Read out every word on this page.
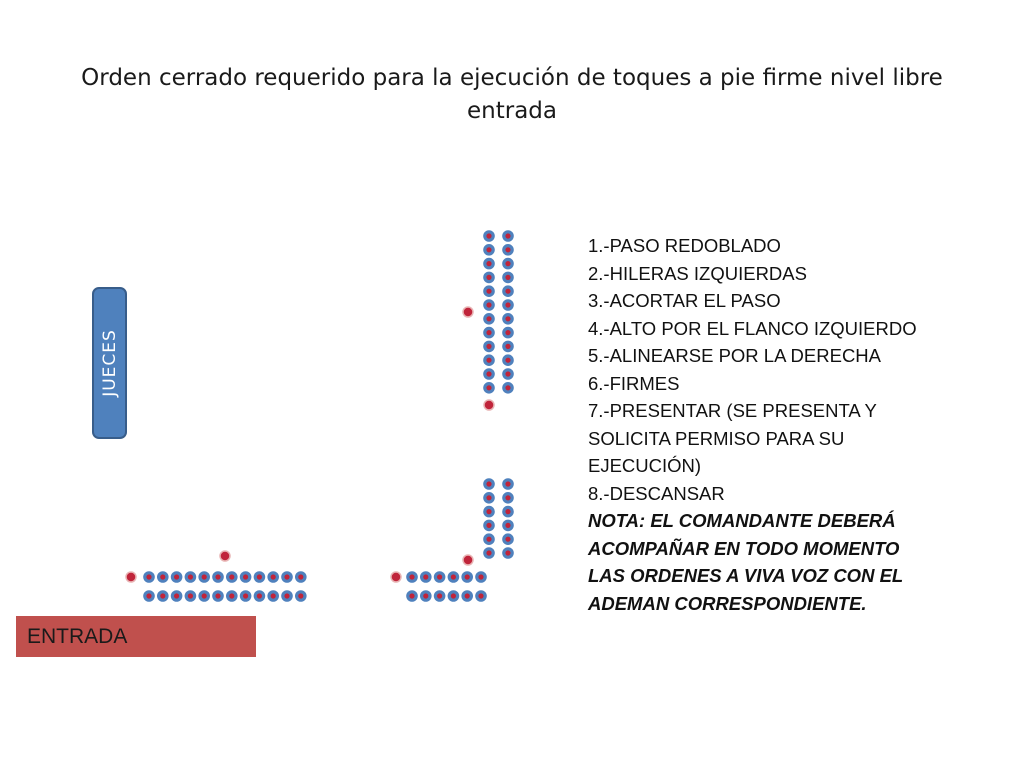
Orden cerrado requerido para la ejecución de toques a pie firme nivel libre entrada
JUECES
ENTRADA
1.-PASO REDOBLADO
2.-HILERAS IZQUIERDAS
3.-ACORTAR EL PASO
4.-ALTO POR EL FLANCO IZQUIERDO
5.-ALINEARSE POR LA DERECHA
6.-FIRMES
7.-PRESENTAR (SE PRESENTA Y
SOLICITA PERMISO PARA SU
EJECUCIÓN)
8.-DESCANSAR
NOTA: EL COMANDANTE DEBERÁ
ACOMPAÑAR EN TODO MOMENTO
LAS ORDENES A VIVA VOZ CON EL
ADEMAN CORRESPONDIENTE.
